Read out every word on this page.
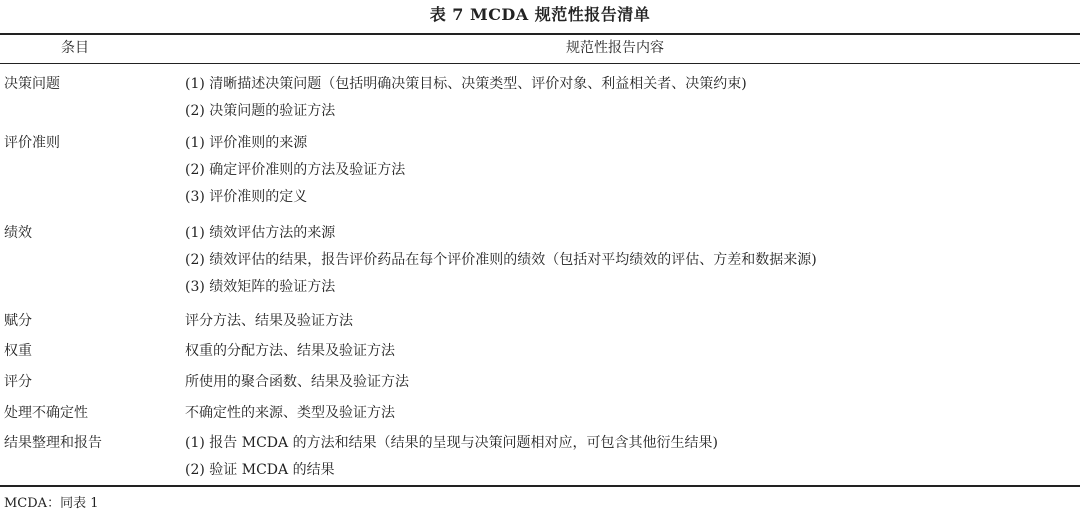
表 7 MCDA 规范性报告清单
条目	规范性报告内容
决策问题	(1) 清晰描述决策问题（包括明确决策目标、决策类型、评价对象、利益相关者、决策约束)
(2) 决策问题的验证方法
评价准则	(1) 评价准则的来源
(2) 确定评价准则的方法及验证方法
(3) 评价准则的定义
绩效	(1) 绩效评估方法的来源
(2) 绩效评估的结果，报告评价药品在每个评价准则的绩效（包括对平均绩效的评估、方差和数据来源)
(3) 绩效矩阵的验证方法
赋分	评分方法、结果及验证方法
权重	权重的分配方法、结果及验证方法
评分	所使用的聚合函数、结果及验证方法
处理不确定性	不确定性的来源、类型及验证方法
结果整理和报告	(1) 报告 MCDA 的方法和结果（结果的呈现与决策问题相对应，可包含其他衍生结果)
(2) 验证 MCDA 的结果
MCDA：同表 1
